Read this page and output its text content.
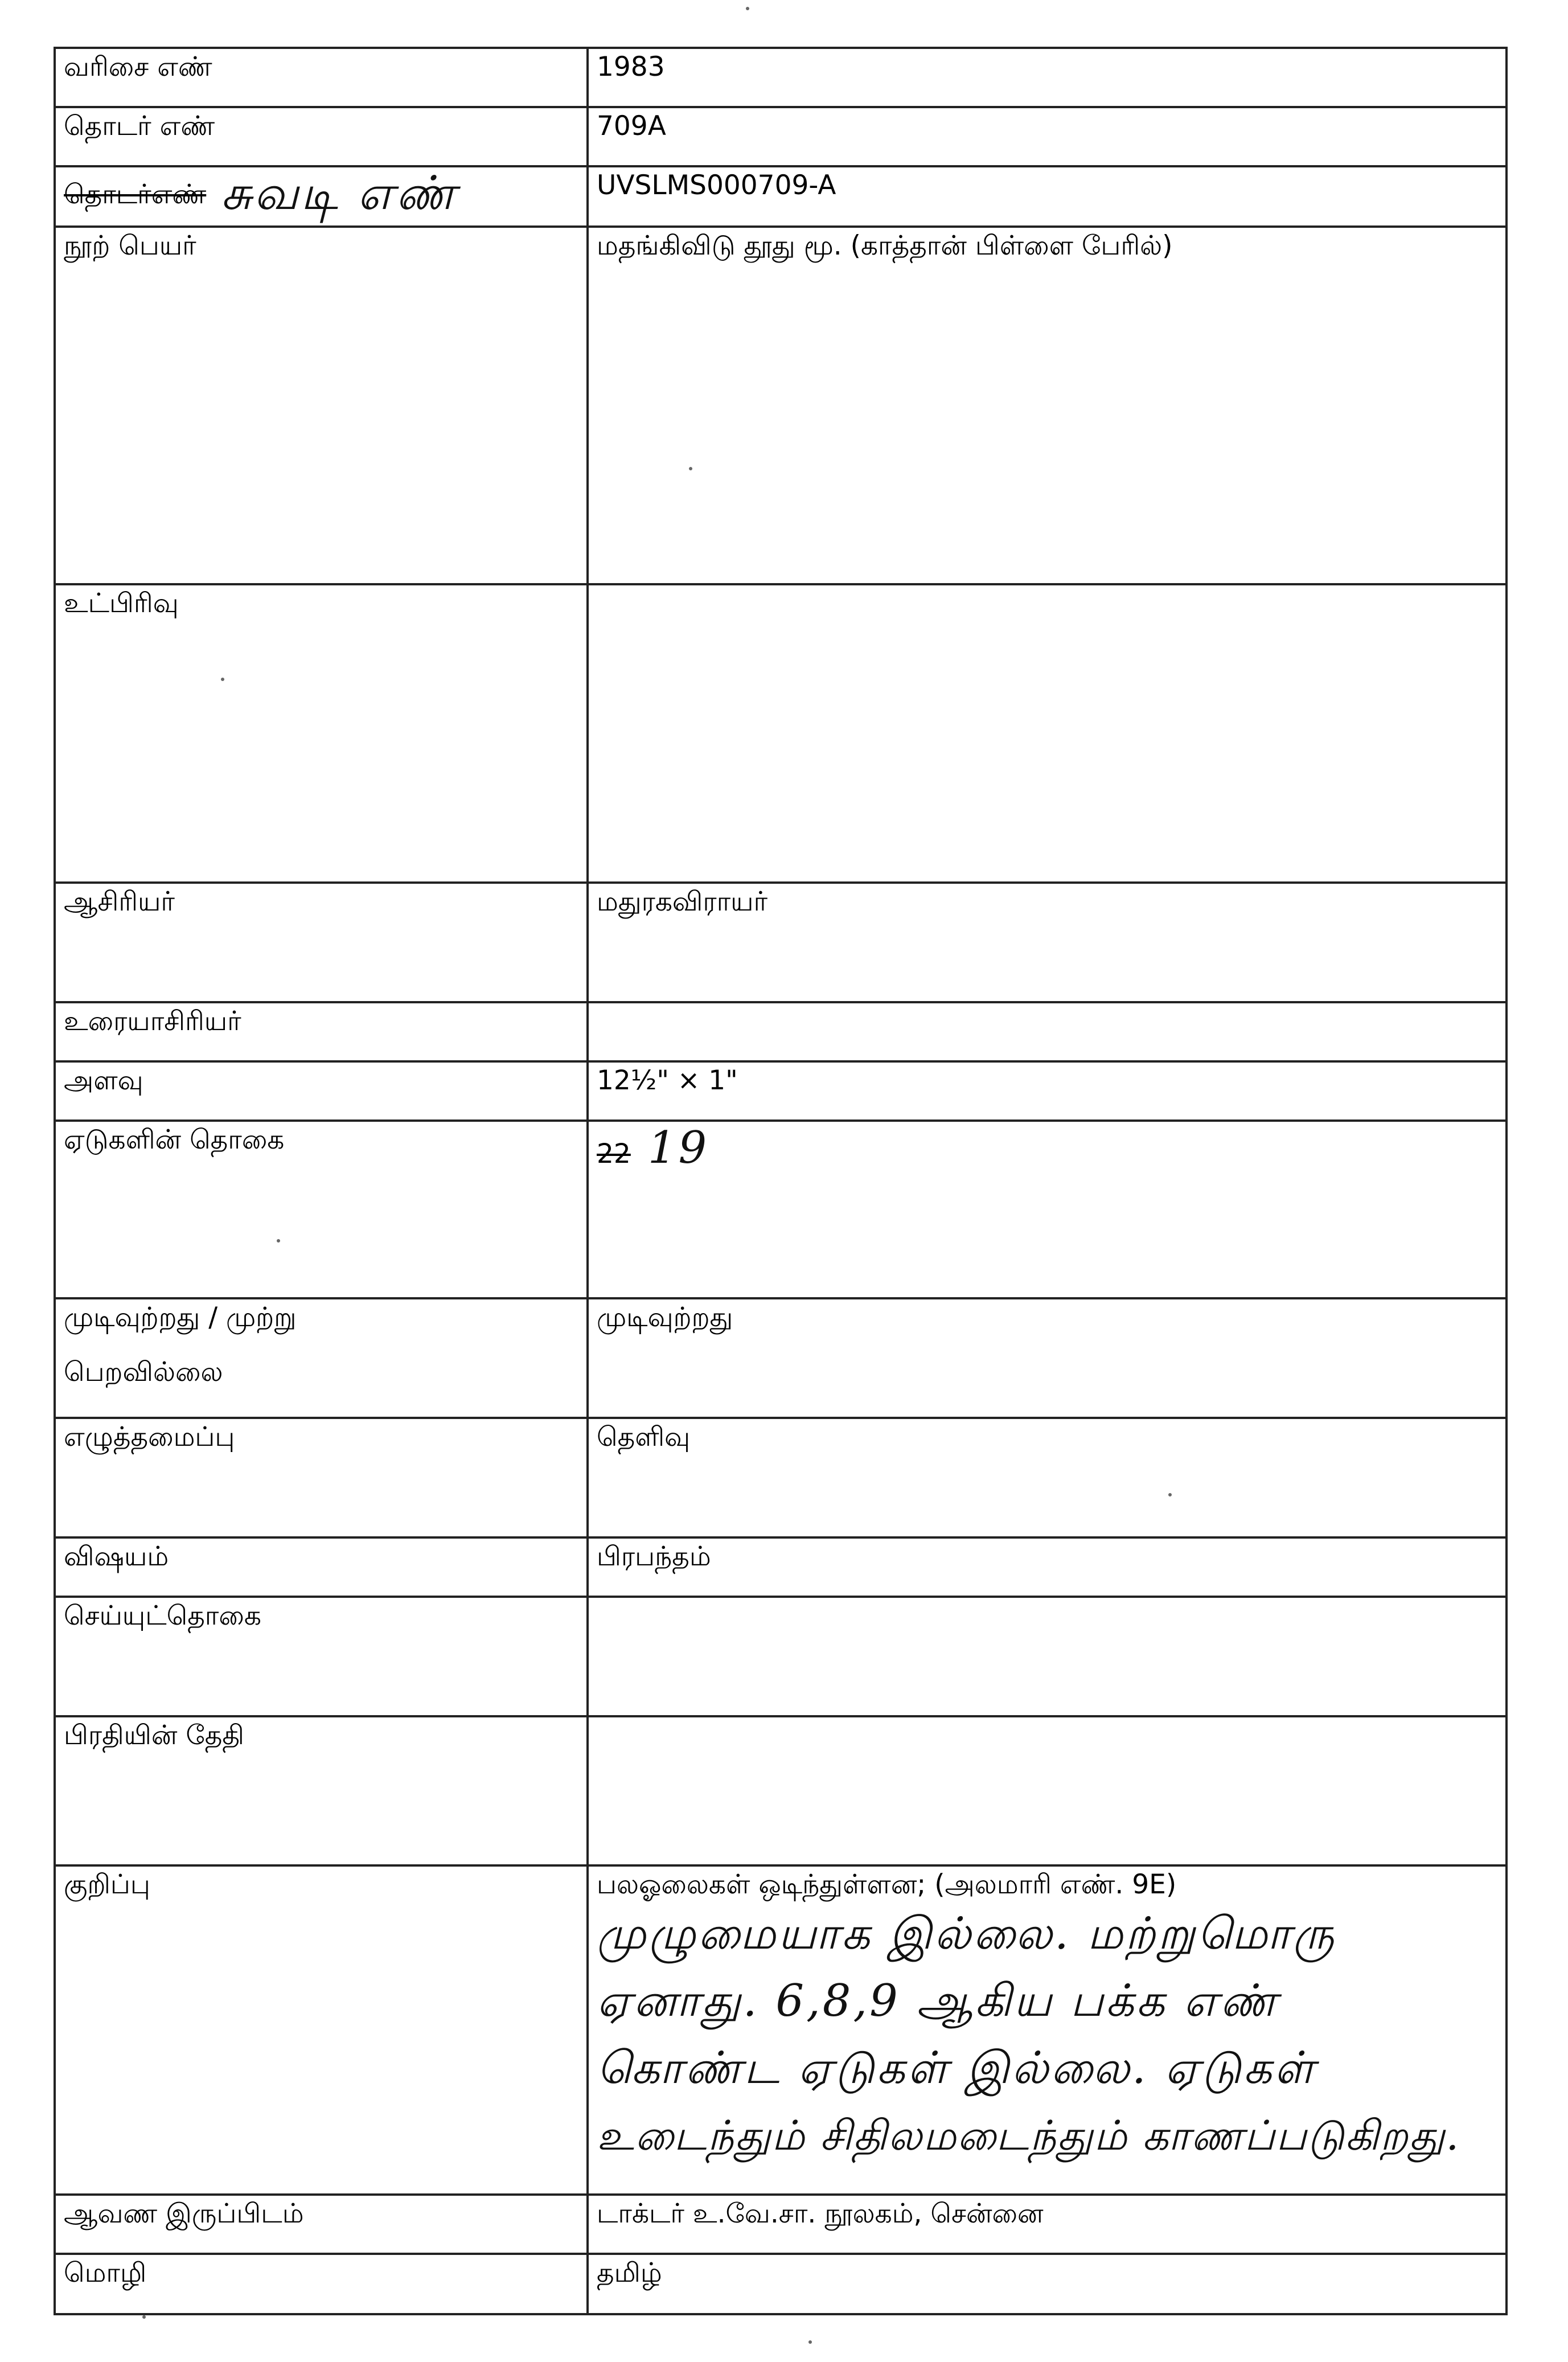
வரிசை எண்	1983
தொடர் எண்	709A
தொடர்எண் சுவடி எண்	UVSLMS000709-A
நூற் பெயர்	மதங்கிவிடு தூது மூ. (காத்தான் பிள்ளை பேரில்)
உட்பிரிவு	
ஆசிரியர்	மதுரகவிராயர்
உரையாசிரியர்	
அளவு	12½" × 1"
ஏடுகளின் தொகை	22 19

முடிவுற்றது / முற்று
பெறவில்லை	முடிவுற்றது
எழுத்தமைப்பு	தெளிவு
விஷயம்	பிரபந்தம்
செய்யுட்தொகை	
பிரதியின் தேதி	
குறிப்பு	பலஓலைகள் ஒடிந்துள்ளன; (அலமாரி எண். 9E)
முழுமையாக இல்லை. மற்றுமொரு
ஏனாது. 6,8,9 ஆகிய பக்க எண்
கொண்ட ஏடுகள் இல்லை. ஏடுகள்
உடைந்தும் சிதிலமடைந்தும் காணப்படுகிறது.

ஆவண இருப்பிடம்	டாக்டர் உ.வே.சா. நூலகம், சென்னை
மொழி	தமிழ்
